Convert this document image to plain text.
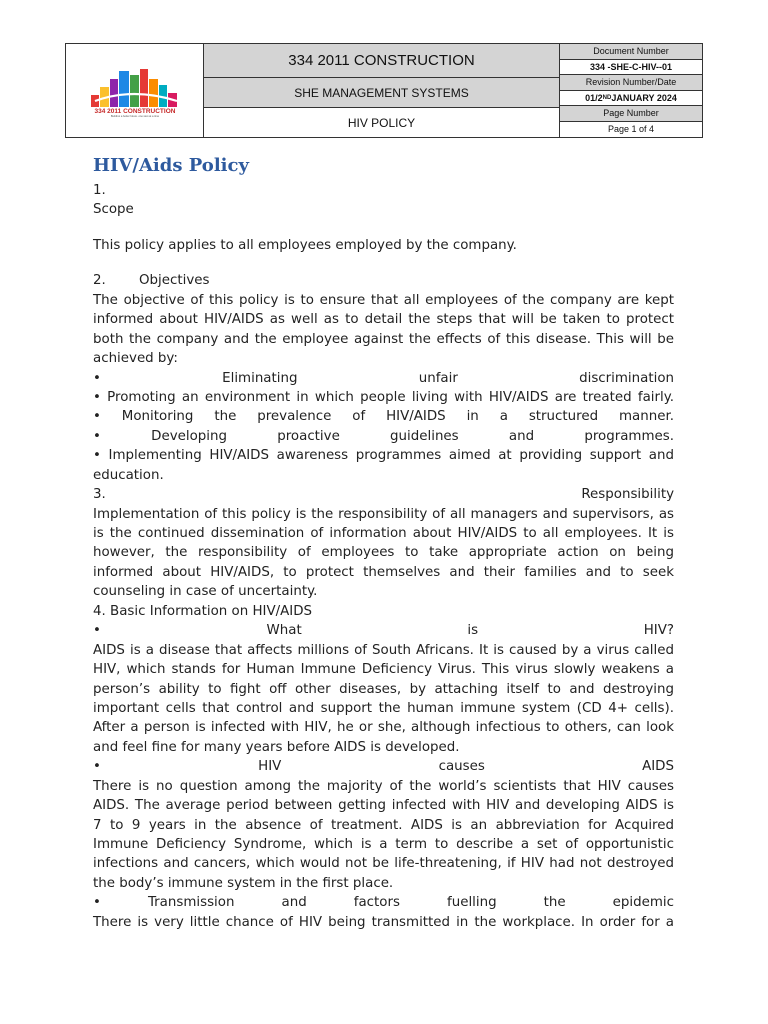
334 2011 CONSTRUCTION
Building a better future, one step at a time
334 2011 CONSTRUCTION
SHE MANAGEMENT SYSTEMS
HIV POLICY
Document Number
334 -SHE-C-HIV--01
Revision Number/Date
01/2 ND JANUARY 2024
Page Number
Page 1 of 4
HIV/Aids Policy
1.
Scope
This policy applies to all employees employed by the company.
2. Objectives
The objective of this policy is to ensure that all employees of the company are kept
informed about HIV/AIDS as well as to detail the steps that will be taken to protect
both the company and the employee against the effects of this disease. This will be
achieved by:
• Eliminating unfair discrimination
• Promoting an environment in which people living with HIV/AIDS are treated fairly.
• Monitoring the prevalence of HIV/AIDS in a structured manner.
• Developing proactive guidelines and programmes.
• Implementing HIV/AIDS awareness programmes aimed at providing support and
education.
3.	Responsibility
Implementation of this policy is the responsibility of all managers and supervisors, as
is the continued dissemination of information about HIV/AIDS to all employees. It is
however, the responsibility of employees to take appropriate action on being
informed about HIV/AIDS, to protect themselves and their families and to seek
counseling in case of uncertainty.
4. Basic Information on HIV/AIDS
• What is HIV?
AIDS is a disease that affects millions of South Africans. It is caused by a virus called
HIV, which stands for Human Immune Deficiency Virus. This virus slowly weakens a
person’s ability to fight off other diseases, by attaching itself to and destroying
important cells that control and support the human immune system (CD 4+ cells).
After a person is infected with HIV, he or she, although infectious to others, can look
and feel fine for many years before AIDS is developed.
• HIV causes AIDS
There is no question among the majority of the world’s scientists that HIV causes
AIDS. The average period between getting infected with HIV and developing AIDS is
7 to 9 years in the absence of treatment. AIDS is an abbreviation for Acquired
Immune Deficiency Syndrome, which is a term to describe a set of opportunistic
infections and cancers, which would not be life-threatening, if HIV had not destroyed
the body’s immune system in the first place.
• Transmission and factors fuelling the epidemic
There is very little chance of HIV being transmitted in the workplace. In order for a
